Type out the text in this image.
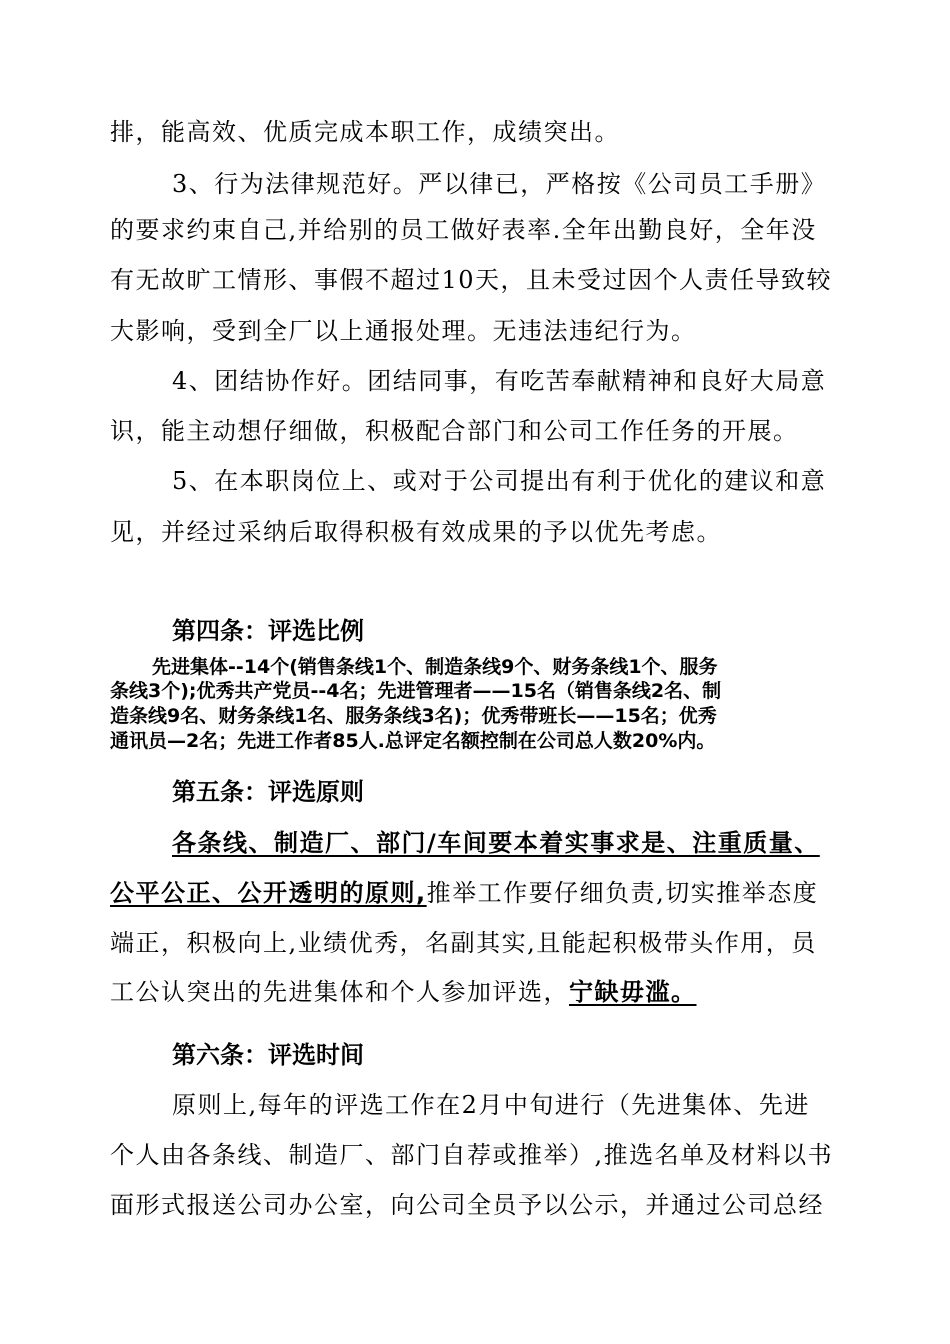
排，能高效、优质完成本职工作，成绩突出。
3、行为法律规范好。严以律已，严格按《公司员工手册》
的要求约束自己,并给别的员工做好表率.全年出勤良好，全年没
有无故旷工情形、事假不超过10天，且未受过因个人责任导致较
大影响，受到全厂以上通报处理。无违法违纪行为。
4、团结协作好。团结同事，有吃苦奉献精神和良好大局意
识，能主动想仔细做，积极配合部门和公司工作任务的开展。
5、在本职岗位上、或对于公司提出有利于优化的建议和意
见，并经过采纳后取得积极有效成果的予以优先考虑。
第四条：评选比例
先进集体--14个(销售条线1个、制造条线9个、财务条线1个、服务
条线3个);优秀共产党员--4名；先进管理者——15名（销售条线2名、制
造条线9名、财务条线1名、服务条线3名)；优秀带班长——15名；优秀
通讯员—2名；先进工作者85人.总评定名额控制在公司总人数20%内。
第五条：评选原则
各条线、制造厂、部门/车间要本着实事求是、注重质量、
公平公正、公开透明的原则,推举工作要仔细负责,切实推举态度
端正，积极向上,业绩优秀，名副其实,且能起积极带头作用，员
工公认突出的先进集体和个人参加评选，宁缺毋滥。
第六条：评选时间
原则上,每年的评选工作在2月中旬进行（先进集体、先进
个人由各条线、制造厂、部门自荐或推举）,推选名单及材料以书
面形式报送公司办公室，向公司全员予以公示，并通过公司总经
